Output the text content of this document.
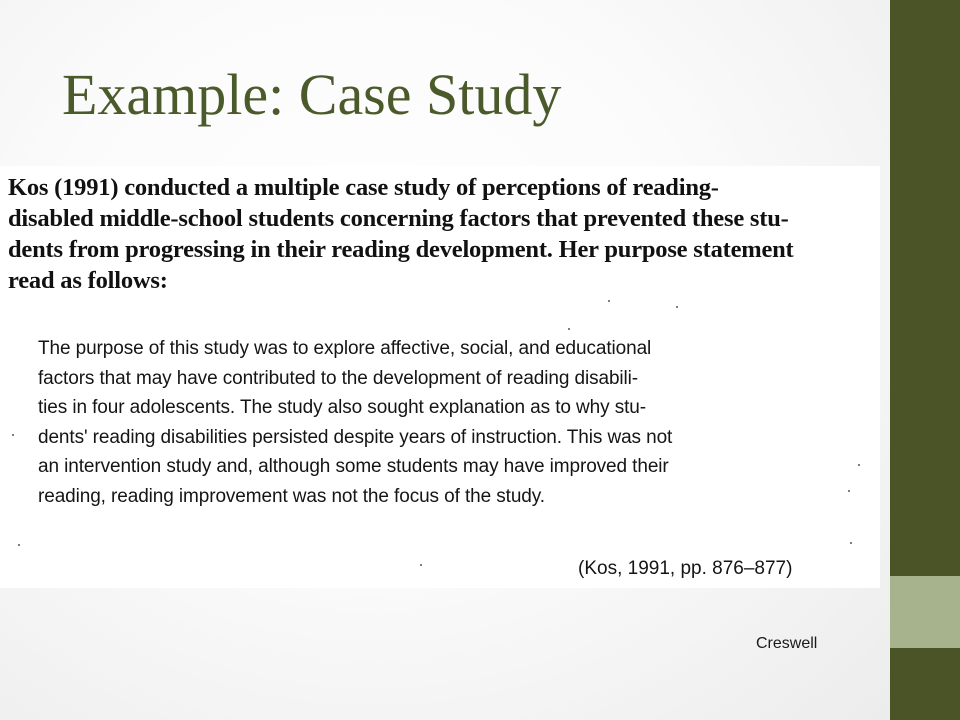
Example: Case Study

Kos (1991) conducted a multiple case study of perceptions of reading-
disabled middle-school students concerning factors that prevented these stu-
dents from progressing in their reading development. Her purpose statement
read as follows:

The purpose of this study was to explore affective, social, and educational
factors that may have contributed to the development of reading disabili-
ties in four adolescents. The study also sought explanation as to why stu-
dents' reading disabilities persisted despite years of instruction. This was not
an intervention study and, although some students may have improved their
reading, reading improvement was not the focus of the study.

(Kos, 1991, pp. 876–877)

Creswell
